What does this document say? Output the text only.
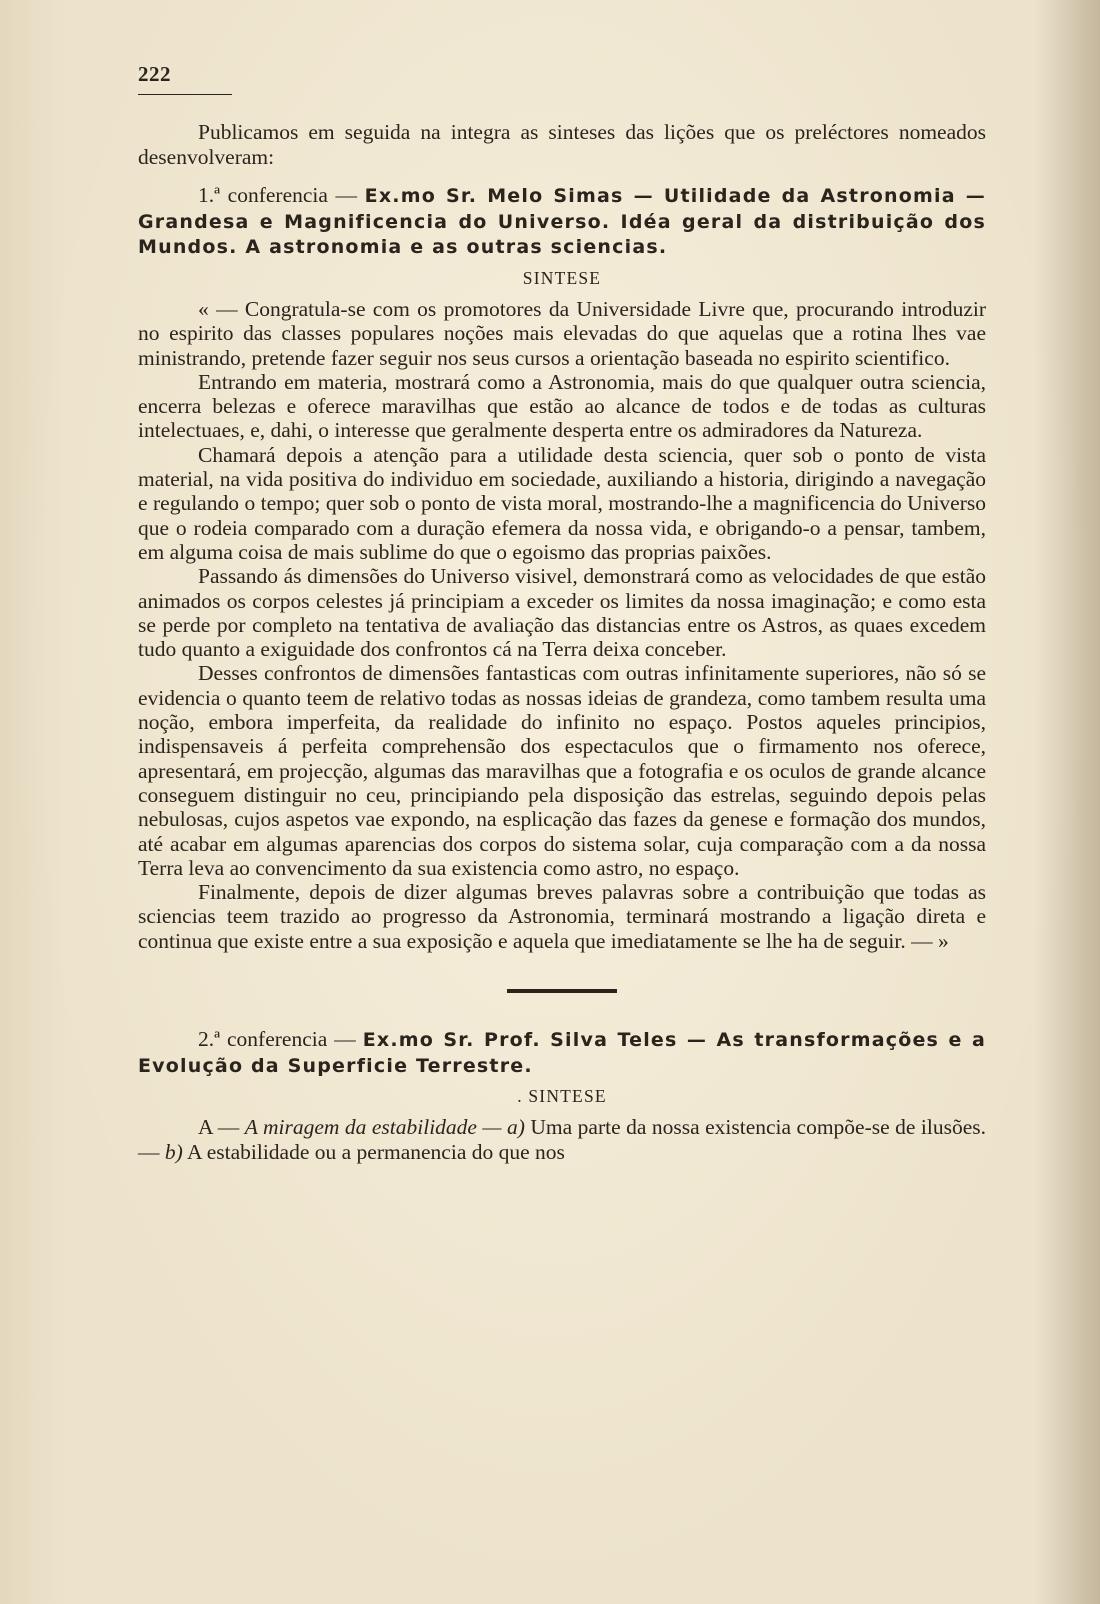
222

Publicamos em seguida na integra as sinteses das lições que os preléctores nomeados desenvolveram:

1.ª conferencia — Ex.mo Sr. Melo Simas — Utilidade da Astronomia — Grandesa e Magnificencia do Universo. Idéa geral da distribuição dos Mundos. A astronomia e as outras sciencias.

SINTESE

« — Congratula-se com os promotores da Universidade Livre que, procurando introduzir no espirito das classes populares noções mais elevadas do que aquelas que a rotina lhes vae ministrando, pretende fazer seguir nos seus cursos a orientação baseada no espirito scientifico.

Entrando em materia, mostrará como a Astronomia, mais do que qualquer outra sciencia, encerra belezas e oferece maravilhas que estão ao alcance de todos e de todas as culturas intelectuaes, e, dahi, o interesse que geralmente desperta entre os admiradores da Natureza.

Chamará depois a atenção para a utilidade desta sciencia, quer sob o ponto de vista material, na vida positiva do individuo em sociedade, auxiliando a historia, dirigindo a navegação e regulando o tempo; quer sob o ponto de vista moral, mostrando-lhe a magnificencia do Universo que o rodeia comparado com a duração efemera da nossa vida, e obrigando-o a pensar, tambem, em alguma coisa de mais sublime do que o egoismo das proprias paixões.

Passando ás dimensões do Universo visivel, demonstrará como as velocidades de que estão animados os corpos celestes já principiam a exceder os limites da nossa imaginação; e como esta se perde por completo na tentativa de avaliação das distancias entre os Astros, as quaes excedem tudo quanto a exiguidade dos confrontos cá na Terra deixa conceber.

Desses confrontos de dimensões fantasticas com outras infinitamente superiores, não só se evidencia o quanto teem de relativo todas as nossas ideias de grandeza, como tambem resulta uma noção, embora imperfeita, da realidade do infinito no espaço. Postos aqueles principios, indispensaveis á perfeita comprehensão dos espectaculos que o firmamento nos oferece, apresentará, em projecção, algumas das maravilhas que a fotografia e os oculos de grande alcance conseguem distinguir no ceu, principiando pela disposição das estrelas, seguindo depois pelas nebulosas, cujos aspetos vae expondo, na esplicação das fazes da genese e formação dos mundos, até acabar em algumas aparencias dos corpos do sistema solar, cuja comparação com a da nossa Terra leva ao convencimento da sua existencia como astro, no espaço.

Finalmente, depois de dizer algumas breves palavras sobre a contribuição que todas as sciencias teem trazido ao progresso da Astronomia, terminará mostrando a ligação direta e continua que existe entre a sua exposição e aquela que imediatamente se lhe ha de seguir. — »

2.ª conferencia — Ex.mo Sr. Prof. Silva Teles — As transformações e a Evolução da Superficie Terrestre.

. SINTESE

A — A miragem da estabilidade — a) Uma parte da nossa existencia compõe-se de ilusões. — b) A estabilidade ou a permanencia do que nos
